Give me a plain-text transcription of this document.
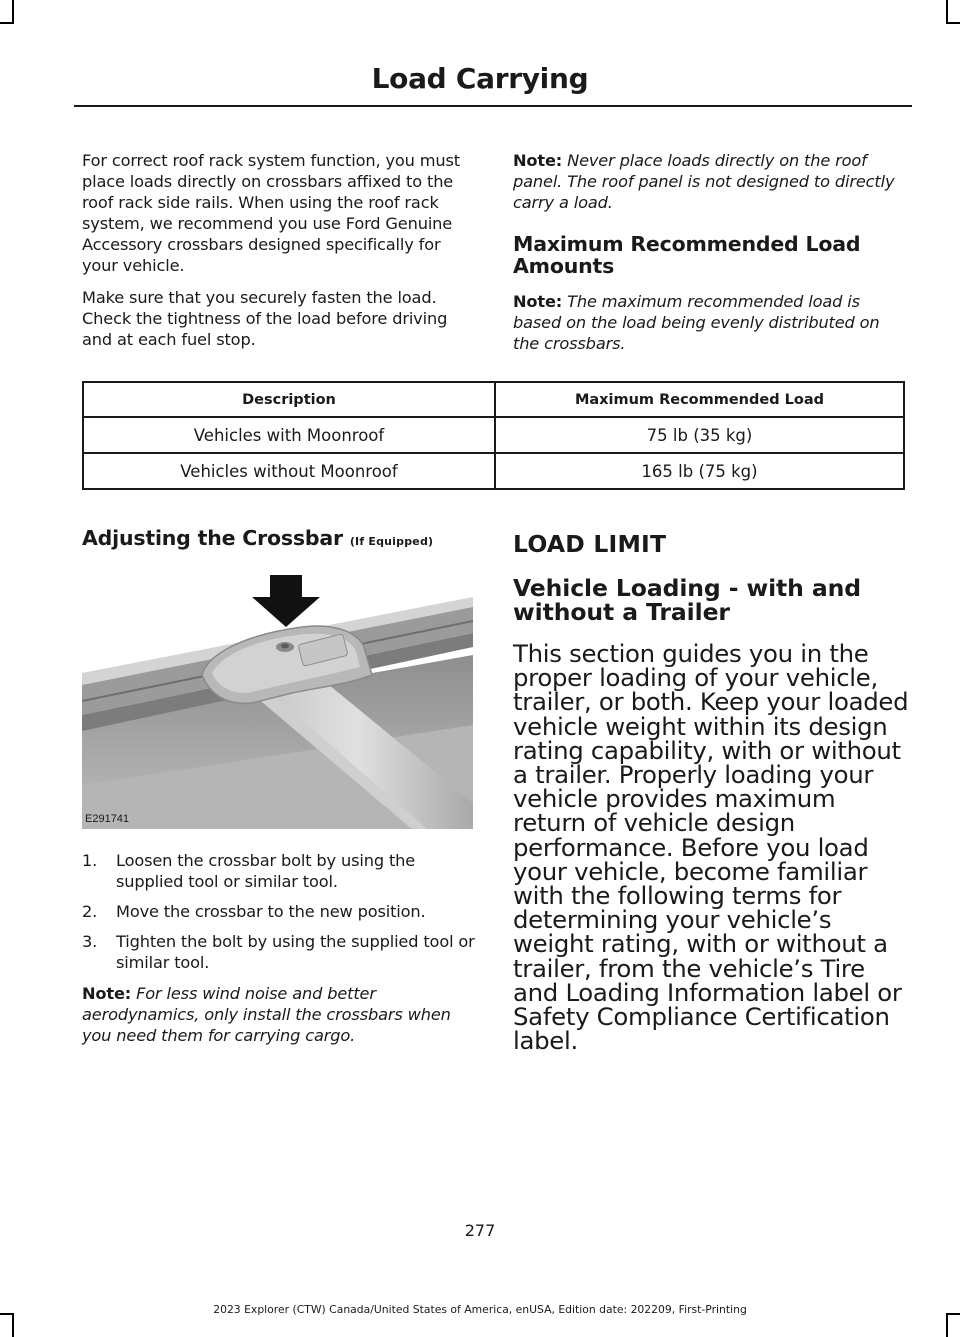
Load Carrying

For correct roof rack system function, you must place loads directly on crossbars affixed to the roof rack side rails. When using the roof rack system, we recommend you use Ford Genuine Accessory crossbars designed specifically for your vehicle.

Make sure that you securely fasten the load. Check the tightness of the load before driving and at each fuel stop.

Note: Never place loads directly on the roof panel. The roof panel is not designed to directly carry a load.

Maximum Recommended Load Amounts

Note: The maximum recommended load is based on the load being evenly distributed on the crossbars.

Description	Maximum Recommended Load
Vehicles with Moonroof	75 lb (35 kg)
Vehicles without Moonroof	165 lb (75 kg)

Adjusting the Crossbar (If Equipped)

E291741
1. Loosen the crossbar bolt by using the supplied tool or similar tool.
2. Move the crossbar to the new position.
3. Tighten the bolt by using the supplied tool or similar tool.

Note: For less wind noise and better aerodynamics, only install the crossbars when you need them for carrying cargo.

LOAD LIMIT

Vehicle Loading - with and without a Trailer

This section guides you in the proper loading of your vehicle, trailer, or both. Keep your loaded vehicle weight within its design rating capability, with or without a trailer. Properly loading your vehicle provides maximum return of vehicle design performance. Before you load your vehicle, become familiar with the following terms for determining your vehicle’s weight rating, with or without a trailer, from the vehicle’s Tire and Loading Information label or Safety Compliance Certification label.

277
2023 Explorer (CTW) Canada/United States of America, enUSA, Edition date: 202209, First-Printing
